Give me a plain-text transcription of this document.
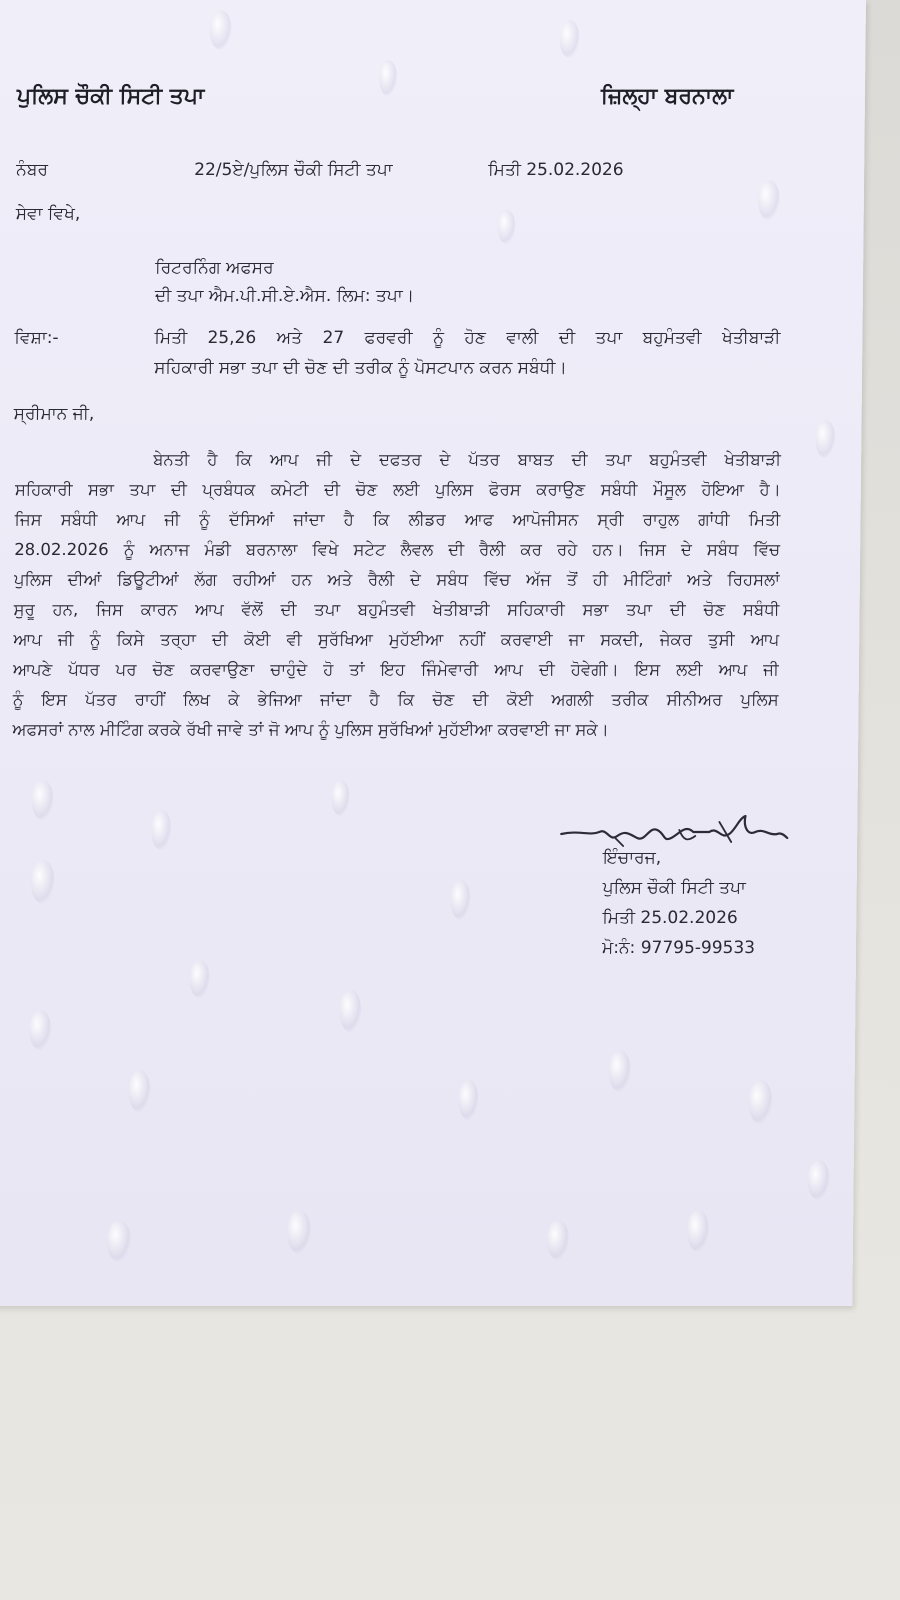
ਪੁਲਿਸ ਚੌਕੀ ਸਿਟੀ ਤਪਾ	ਜ਼ਿਲ੍ਹਾ ਬਰਨਾਲਾ
ਨੰਬਰ	22/5ਏ/ਪੁਲਿਸ ਚੌਕੀ ਸਿਟੀ ਤਪਾ	ਮਿਤੀ 25.02.2026
ਸੇਵਾ ਵਿਖੇ,
ਰਿਟਰਨਿੰਗ ਅਫਸਰ
ਦੀ ਤਪਾ ਐਮ.ਪੀ.ਸੀ.ਏ.ਐਸ. ਲਿਮ: ਤਪਾ।
ਵਿਸ਼ਾ:-	ਮਿਤੀ 25,26 ਅਤੇ 27 ਫਰਵਰੀ ਨੂੰ ਹੋਣ ਵਾਲੀ ਦੀ ਤਪਾ ਬਹੁਮੰਤਵੀ ਖੇਤੀਬਾੜੀ
ਸਹਿਕਾਰੀ ਸਭਾ ਤਪਾ ਦੀ ਚੋਣ ਦੀ ਤਰੀਕ ਨੂੰ ਪੋਸਟਪਾਨ ਕਰਨ ਸਬੰਧੀ।
ਸ੍ਰੀਮਾਨ ਜੀ,
ਬੇਨਤੀ ਹੈ ਕਿ ਆਪ ਜੀ ਦੇ ਦਫਤਰ ਦੇ ਪੱਤਰ ਬਾਬਤ ਦੀ ਤਪਾ ਬਹੁਮੰਤਵੀ ਖੇਤੀਬਾੜੀ
ਸਹਿਕਾਰੀ ਸਭਾ ਤਪਾ ਦੀ ਪ੍ਰਬੰਧਕ ਕਮੇਟੀ ਦੀ ਚੋਣ ਲਈ ਪੁਲਿਸ ਫੋਰਸ ਕਰਾਉਣ ਸਬੰਧੀ ਮੌਸੂਲ ਹੋਇਆ ਹੈ।
ਜਿਸ ਸਬੰਧੀ ਆਪ ਜੀ ਨੂੰ ਦੱਸਿਆਂ ਜਾਂਦਾ ਹੈ ਕਿ ਲੀਡਰ ਆਫ ਆਪੋਜੀਸਨ ਸ੍ਰੀ ਰਾਹੁਲ ਗਾਂਧੀ ਮਿਤੀ
28.02.2026 ਨੂੰ ਅਨਾਜ ਮੰਡੀ ਬਰਨਾਲਾ ਵਿਖੇ ਸਟੇਟ ਲੈਵਲ ਦੀ ਰੈਲੀ ਕਰ ਰਹੇ ਹਨ। ਜਿਸ ਦੇ ਸਬੰਧ ਵਿੱਚ
ਪੁਲਿਸ ਦੀਆਂ ਡਿਊਟੀਆਂ ਲੱਗ ਰਹੀਆਂ ਹਨ ਅਤੇ ਰੈਲੀ ਦੇ ਸਬੰਧ ਵਿੱਚ ਅੱਜ ਤੋਂ ਹੀ ਮੀਟਿੰਗਾਂ ਅਤੇ ਰਿਹਸਲਾਂ
ਸੁਰੂ ਹਨ, ਜਿਸ ਕਾਰਨ ਆਪ ਵੱਲੋਂ ਦੀ ਤਪਾ ਬਹੁਮੰਤਵੀ ਖੇਤੀਬਾੜੀ ਸਹਿਕਾਰੀ ਸਭਾ ਤਪਾ ਦੀ ਚੋਣ ਸਬੰਧੀ
ਆਪ ਜੀ ਨੂੰ ਕਿਸੇ ਤਰ੍ਹਾ ਦੀ ਕੋਈ ਵੀ ਸੁਰੱਖਿਆ ਮੁਹੱਈਆ ਨਹੀਂ ਕਰਵਾਈ ਜਾ ਸਕਦੀ, ਜੇਕਰ ਤੁਸੀ ਆਪ
ਆਪਣੇ ਪੱਧਰ ਪਰ ਚੋਣ ਕਰਵਾਉਣਾ ਚਾਹੁੰਦੇ ਹੋ ਤਾਂ ਇਹ ਜਿੰਮੇਵਾਰੀ ਆਪ ਦੀ ਹੋਵੇਗੀ। ਇਸ ਲਈ ਆਪ ਜੀ
ਨੂੰ ਇਸ ਪੱਤਰ ਰਾਹੀਂ ਲਿਖ ਕੇ ਭੇਜਿਆ ਜਾਂਦਾ ਹੈ ਕਿ ਚੋਣ ਦੀ ਕੋਈ ਅਗਲੀ ਤਰੀਕ ਸੀਨੀਅਰ ਪੁਲਿਸ
ਅਫਸਰਾਂ ਨਾਲ ਮੀਟਿੰਗ ਕਰਕੇ ਰੱਖੀ ਜਾਵੇ ਤਾਂ ਜੋ ਆਪ ਨੂੰ ਪੁਲਿਸ ਸੁਰੱਖਿਆਂ ਮੁਹੱਈਆ ਕਰਵਾਈ ਜਾ ਸਕੇ।
ਇੰਚਾਰਜ,
ਪੁਲਿਸ ਚੌਕੀ ਸਿਟੀ ਤਪਾ
ਮਿਤੀ 25.02.2026
ਮੋ:ਨੰ: 97795-99533
